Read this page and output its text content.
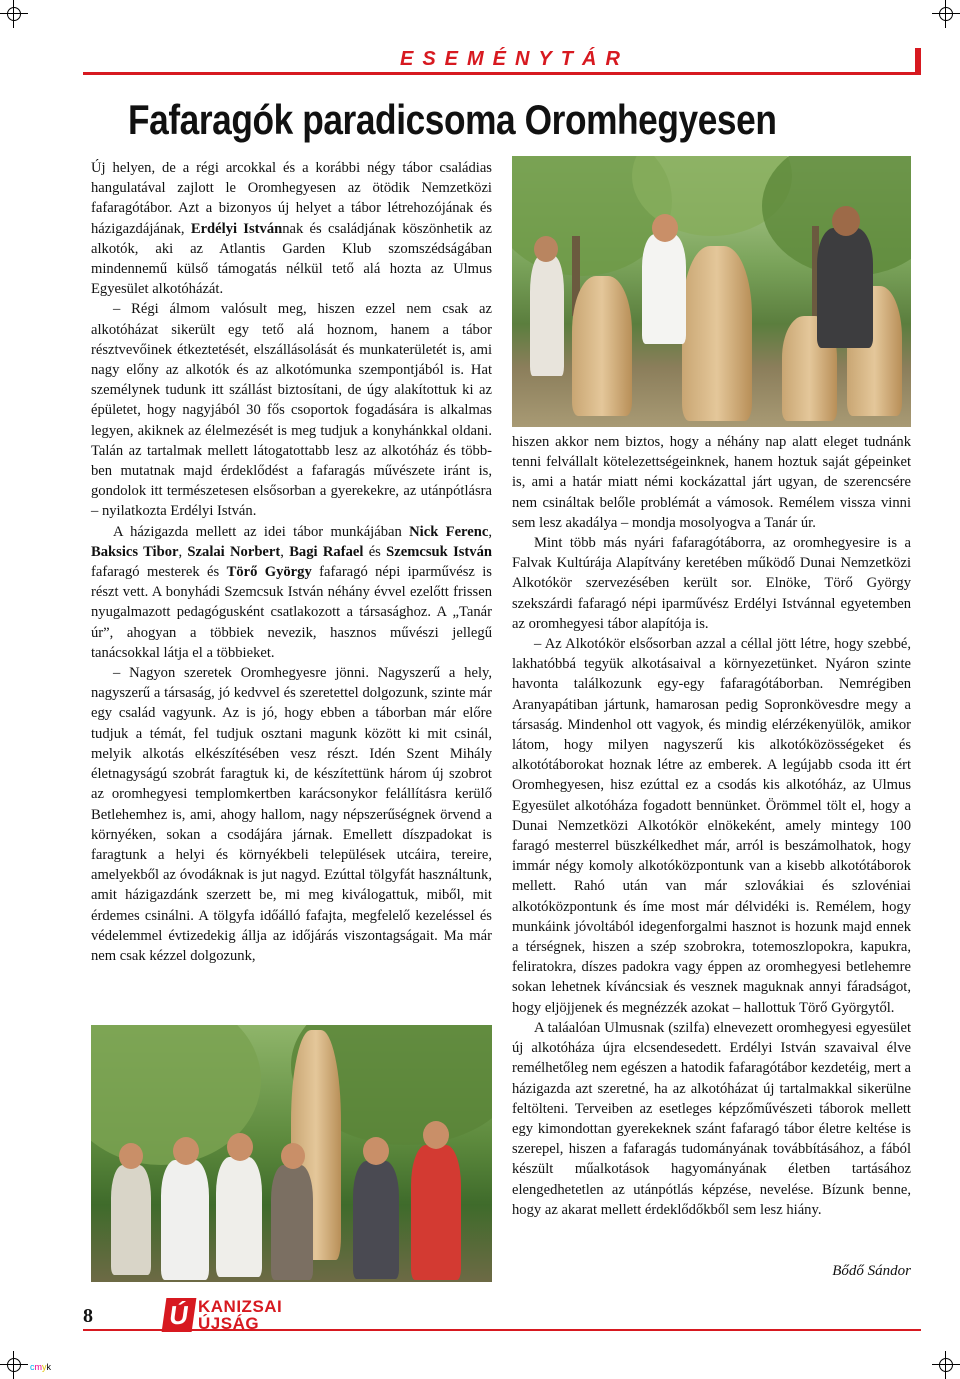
ESEMÉNYTÁR
Fafaragók paradicsoma Oromhegyesen

Új helyen, de a régi arcokkal és a korábbi négy tábor családias hangulatával zajlott le Oromhegyesen az ötödik Nemzetközi fafaragótábor. Azt a bizonyos új helyet a tábor létrehozójának és házigazdájának, Erdélyi Istvánnak és családjának köszönhetik az alkotók, aki az Atlantis Garden Klub szomszédságában mindennemű külső támogatás nélkül tető alá hozta az Ulmus Egyesület alkotóházát.

– Régi álmom valósult meg, hiszen ezzel nem csak az alkotóházat sikerült egy tető alá hoznom, hanem a tábor résztvevőinek étkeztetését, elszállásolását és munkaterületét is, ami nagy előny az alkotók és az alkotómunka szempontjából is. Hat személynek tudunk itt szállást biztosítani, de úgy alakítottuk ki az épületet, hogy nagyjából 30 fős csoportok fogadására is alkalmas legyen, akiknek az élelmezését is meg tudjuk a konyhánkkal oldani. Talán az tartalmak mellett látogatottabb lesz az alkotóház és többben mutatnak majd érdeklődést a fafaragás művészete iránt is, gondolok itt természetesen elsősorban a gyerekekre, az utánpótlásra – nyilatkozta Erdélyi István.

A házigazda mellett az idei tábor munkájában Nick Ferenc, Baksics Tibor, Szalai Norbert, Bagi Rafael és Szemcsuk István fafaragó mesterek és Törő György fafaragó népi iparművész is részt vett. A bonyhádi Szemcsuk István néhány évvel ezelőtt frissen nyugalmazott pedagógusként csatlakozott a társasághoz. A „Tanár úr”, ahogyan a többiek nevezik, hasznos művészi jellegű tanácsokkal látja el a többieket.

– Nagyon szeretek Oromhegyesre jönni. Nagyszerű a hely, nagyszerű a társaság, jó kedvvel és szeretettel dolgozunk, szinte már egy család vagyunk. Az is jó, hogy ebben a táborban már előre tudjuk a témát, fel tudjuk osztani magunk között ki mit csinál, melyik alkotás elkészítésében vesz részt. Idén Szent Mihály életnagyságú szobrát faragtuk ki, de készítettünk három új szobrot az oromhegyesi templomkertben karácsonykor felállításra kerülő Betlehemhez is, ami, ahogy hallom, nagy népszerűségnek örvend a környéken, sokan a csodájára járnak. Emellett díszpadokat is faragtunk a helyi és környékbeli települések utcáira, tereire, amelyekből az óvodáknak is jut nagyd. Ezúttal tölgyfát használtunk, amit házigazdánk szerzett be, mi meg kiválogattuk, miből, mit érdemes csinálni. A tölgyfa időálló fafajta, megfelelő kezeléssel és védelemmel évtizedekig állja az időjárás viszontagságait. Ma már nem csak kézzel dolgozunk,

hiszen akkor nem biztos, hogy a néhány nap alatt eleget tudnánk tenni felvállalt kötelezettségeinknek, hanem hoztuk saját gépeinket is, ami a határ miatt némi kockázattal járt ugyan, de szerencsére nem csináltak belőle problémát a vámosok. Remélem vissza vinni sem lesz akadálya – mondja mosolyogva a Tanár úr.

Mint több más nyári fafaragótáborra, az oromhegyesire is a Falvak Kultúrája Alapítvány keretében működő Dunai Nemzetközi Alkotókör szervezésében került sor. Elnöke, Törő György szekszárdi fafaragó népi iparművész Erdélyi Istvánnal egyetemben az oromhegyesi tábor alapítója is.

– Az Alkotókör elsősorban azzal a céllal jött létre, hogy szebbé, lakhatóbbá tegyük alkotásaival a környezetünket. Nyáron szinte havonta találkozunk egy-egy fafaragótáborban. Nemrégiben Aranyapátiban jártunk, hamarosan pedig Sopronkövesdre megy a társaság. Mindenhol ott vagyok, és mindig elérzékenyülök, amikor látom, hogy milyen nagyszerű kis alkotóközösségeket és alkotótáborokat hoznak létre az emberek. A legújabb csoda itt ért Oromhegyesen, hisz ezúttal ez a csodás kis alkotóház, az Ulmus Egyesület alkotóháza fogadott bennünket. Örömmel tölt el, hogy a Dunai Nemzetközi Alkotókör elnökeként, amely mintegy 100 faragó mesterrel büszkélkedhet már, arról is beszámolhatok, hogy immár négy komoly alkotóközpontunk van a kisebb alkotótáborok mellett. Rahó után van már szlovákiai és szlovéniai alkotóközpontunk és íme most már délvidéki is. Remélem, hogy munkáink jóvoltából idegenforgalmi hasznot is hozunk majd ennek a térségnek, hiszen a szép szobrokra, totemoszlopokra, kapukra, feliratokra, díszes padokra vagy éppen az oromhegyesi betlehemre sokan lehetnek kíváncsiak és vesznek maguknak annyi fáradságot, hogy eljöjjenek és megnézzék azokat – hallottuk Törő Györgytől.

A taláаlóan Ulmusnak (szilfa) elnevezett oromhegyesi egyesület új alkotóháza újra elcsendesedett. Erdélyi István szavaival élve remélhetőleg nem egészen a hatodik fafaragótábor kezdetéig, mert a házigazda azt szeretné, ha az alkotóházat új tartalmakkal sikerülne feltölteni. Terveiben az esetleges képzőművészeti táborok mellett egy kimondottan gyerekeknek szánt fafaragó tábor életre keltése is szerepel, hiszen a fafaragás tudományának továbbításához, a fából készült műalkotások hagyományának életben tartásához elengedhetetlen az utánpótlás képzése, nevelése. Bízunk benne, hogy az akarat mellett érdeklődőkből sem lesz hiány.

Bődő Sándor
8	Ú KANIZSAI
ÚJSÁG
cmyk
